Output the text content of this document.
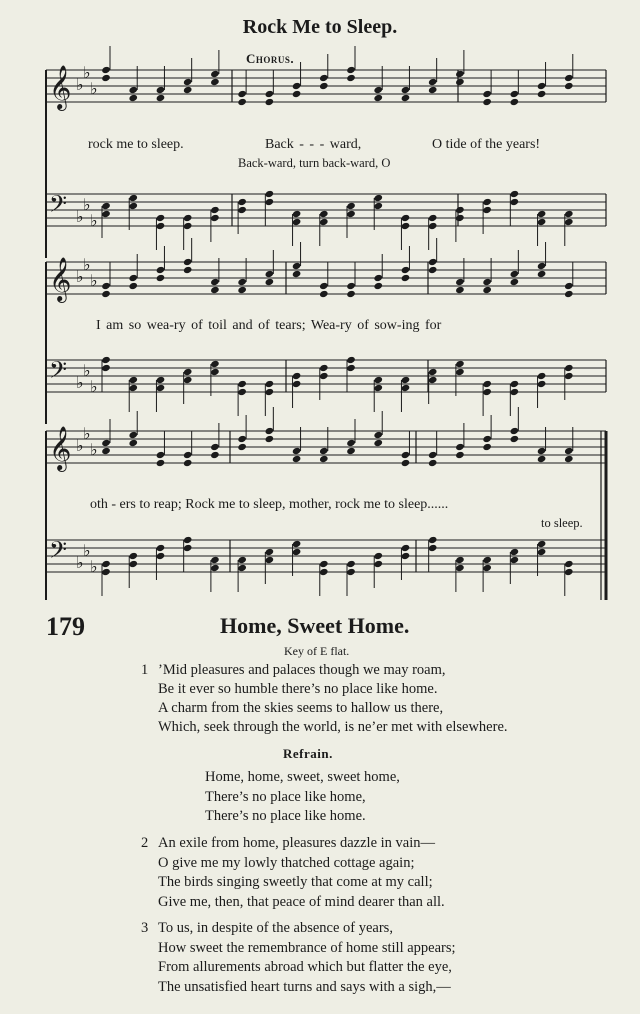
Rock Me to Sleep.
Chorus.
𝄞 ♭
♭
♭
𝄢 ♭
♭
♭
𝄞 ♭
♭
♭
𝄢 ♭
♭
♭
𝄞 ♭
♭
♭
𝄢 ♭
♭
♭
rock me to sleep.	Back - - - ward,	O tide of the years!
Back-ward, turn back-ward, O
I am so wea-ry of toil and of tears; Wea-ry of sow-ing for
oth - ers to reap; Rock me to sleep, mother, rock me to sleep......
to sleep.
179	Home, Sweet Home.
Key of E flat.
1 ’Mid pleasures and palaces though we may roam,
Be it ever so humble there’s no place like home.
A charm from the skies seems to hallow us there,
Which, seek through the world, is ne’er met with elsewhere.
Refrain.
Home, home, sweet, sweet home,
There’s no place like home,
There’s no place like home.
2 An exile from home, pleasures dazzle in vain—
O give me my lowly thatched cottage again;
The birds singing sweetly that come at my call;
Give me, then, that peace of mind dearer than all.
3 To us, in despite of the absence of years,
How sweet the remembrance of home still appears;
From allurements abroad which but flatter the eye,
The unsatisfied heart turns and says with a sigh,—
